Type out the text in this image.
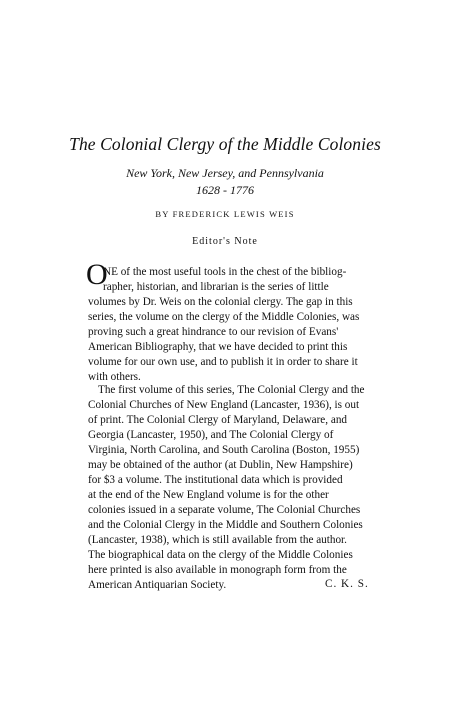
The Colonial Clergy of the Middle Colonies
New York, New Jersey, and Pennsylvania
1628 - 1776
BY FREDERICK LEWIS WEIS
Editor's Note
O
NE of the most useful tools in the chest of the bibliog-
rapher, historian, and librarian is the series of little
volumes by Dr. Weis on the colonial clergy. The gap in this
series, the volume on the clergy of the Middle Colonies, was
proving such a great hindrance to our revision of Evans'
American Bibliography, that we have decided to print this
volume for our own use, and to publish it in order to share it
with others.
The first volume of this series, The Colonial Clergy and the
Colonial Churches of New England (Lancaster, 1936), is out
of print. The Colonial Clergy of Maryland, Delaware, and
Georgia (Lancaster, 1950), and The Colonial Clergy of
Virginia, North Carolina, and South Carolina (Boston, 1955)
may be obtained of the author (at Dublin, New Hampshire)
for $3 a volume. The institutional data which is provided
at the end of the New England volume is for the other
colonies issued in a separate volume, The Colonial Churches
and the Colonial Clergy in the Middle and Southern Colonies
(Lancaster, 1938), which is still available from the author.
The biographical data on the clergy of the Middle Colonies
here printed is also available in monograph form from the
American Antiquarian Society.	C. K. S.
